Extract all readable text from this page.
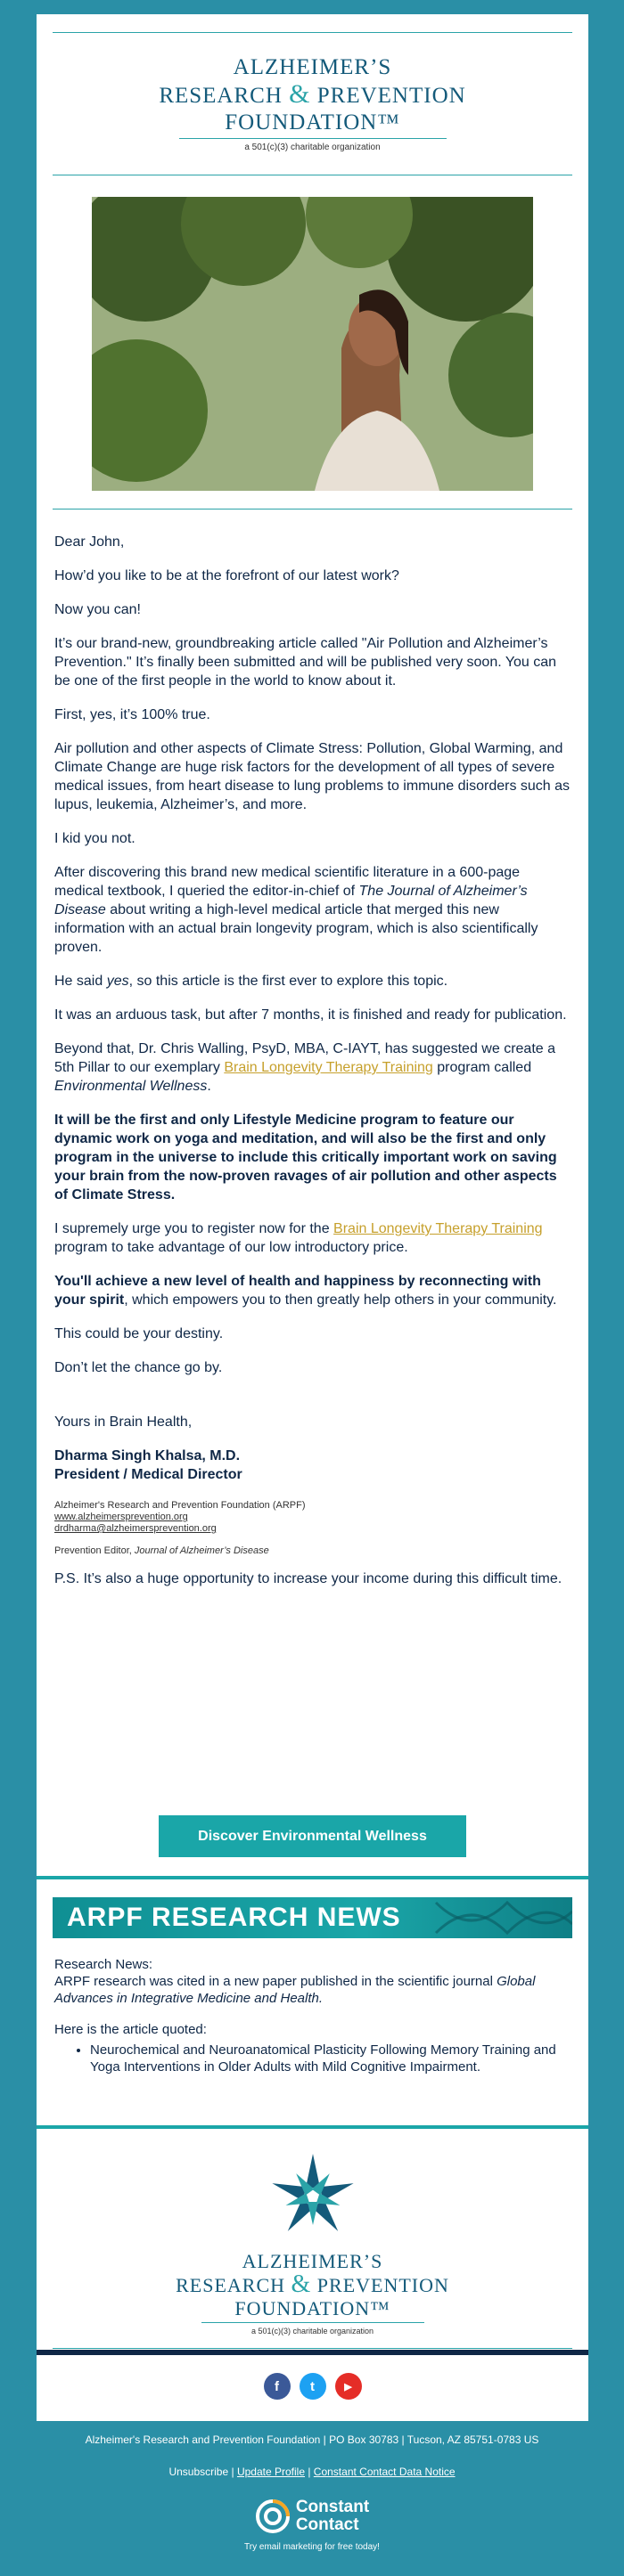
ALZHEIMER’S
RESEARCH & PREVENTION
FOUNDATION™
a 501(c)(3) charitable organization

Dear John,

How’d you like to be at the forefront of our latest work?

Now you can!

It’s our brand-new, groundbreaking article called "Air Pollution and Alzheimer’s Prevention." It’s finally been submitted and will be published very soon. You can be one of the first people in the world to know about it.

First, yes, it’s 100% true.

Air pollution and other aspects of Climate Stress: Pollution, Global Warming, and Climate Change are huge risk factors for the development of all types of severe medical issues, from heart disease to lung problems to immune disorders such as lupus, leukemia, Alzheimer’s, and more.

I kid you not.

After discovering this brand new medical scientific literature in a 600-page medical textbook, I queried the editor-in-chief of The Journal of Alzheimer’s Disease about writing a high-level medical article that merged this new information with an actual brain longevity program, which is also scientifically proven.

He said yes, so this article is the first ever to explore this topic.

It was an arduous task, but after 7 months, it is finished and ready for publication.

Beyond that, Dr. Chris Walling, PsyD, MBA, C-IAYT, has suggested we create a 5th Pillar to our exemplary Brain Longevity Therapy Training program called Environmental Wellness.

It will be the first and only Lifestyle Medicine program to feature our dynamic work on yoga and meditation, and will also be the first and only program in the universe to include this critically important work on saving your brain from the now-proven ravages of air pollution and other aspects of Climate Stress.

I supremely urge you to register now for the Brain Longevity Therapy Training program to take advantage of our low introductory price.

You'll achieve a new level of health and happiness by reconnecting with your spirit, which empowers you to then greatly help others in your community.

This could be your destiny.

Don’t let the chance go by.

Yours in Brain Health,

Dharma Singh Khalsa, M.D.
President / Medical Director
Alzheimer's Research and Prevention Foundation (ARPF)
www.alzheimersprevention.org
drdharma@alzheimersprevention.org
Prevention Editor, Journal of Alzheimer’s Disease

P.S. It’s also a huge opportunity to increase your income during this difficult time.

Discover Environmental Wellness
ARPF RESEARCH NEWS
Research News:
ARPF research was cited in a new paper published in the scientific journal Global Advances in Integrative Medicine and Health.
Here is the article quoted:
• Neurochemical and Neuroanatomical Plasticity Following Memory Training and Yoga Interventions in Older Adults with Mild Cognitive Impairment.
ALZHEIMER’S
RESEARCH & PREVENTION
FOUNDATION™
a 501(c)(3) charitable organization
f	t	▶
Alzheimer's Research and Prevention Foundation | PO Box 30783 | Tucson, AZ 85751-0783 US
Unsubscribe | Update Profile | Constant Contact Data Notice
Constant
Contact
Try email marketing for free today!
